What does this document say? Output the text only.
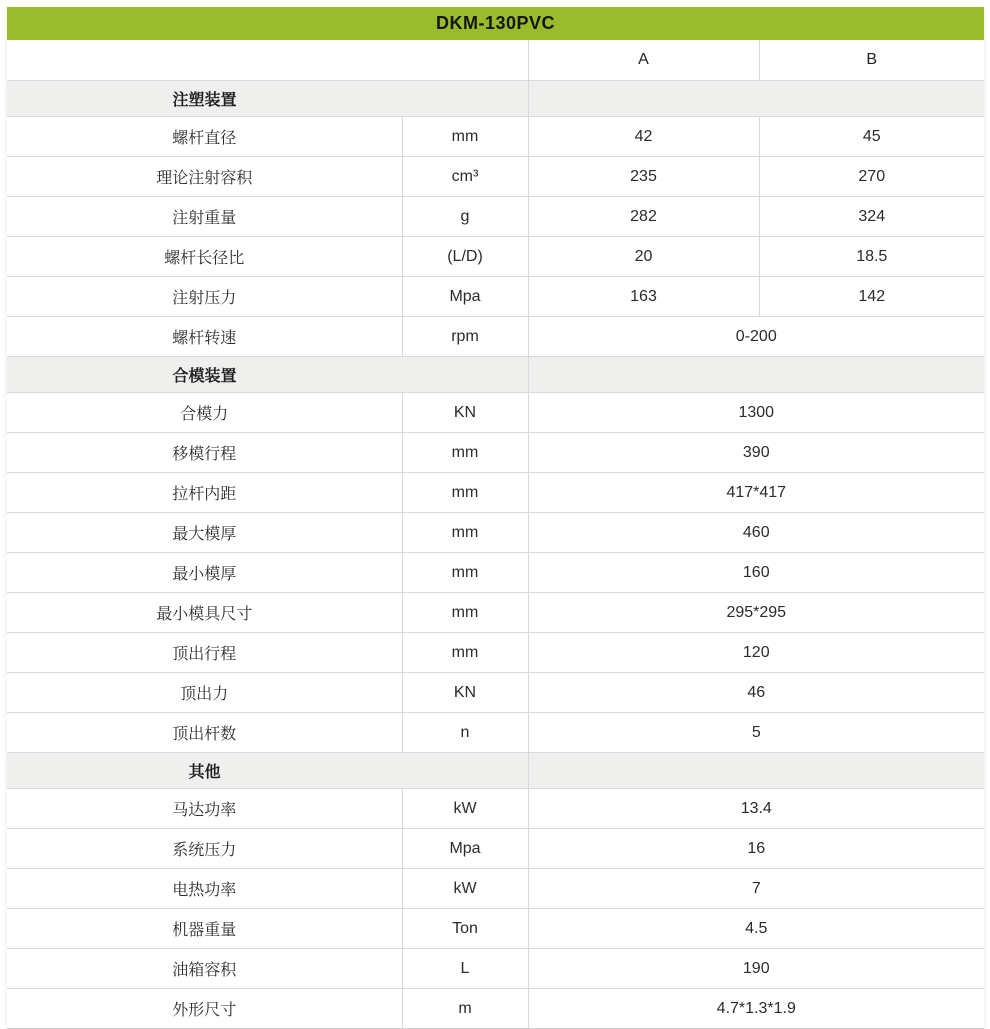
DKM-130PVC			
		A	B

注塑装置			

螺杆直径	mm	42	45
理论注射容积	cm³	235	270
注射重量	g	282	324
螺杆长径比	(L/D)	20	18.5
注射压力	Mpa	163	142
螺杆转速	rpm	0-200	

合模装置			

合模力	KN	1300	
移模行程	mm	390	
拉杆内距	mm	417*417	
最大模厚	mm	460	
最小模厚	mm	160	
最小模具尺寸	mm	295*295	
顶出行程	mm	120	
顶出力	KN	46	
顶出杆数	n	5	

其他			

马达功率	kW	13.4	
系统压力	Mpa	16	
电热功率	kW	7	
机器重量	Ton	4.5	
油箱容积	L	190	
外形尺寸	m	4.7*1.3*1.9	
